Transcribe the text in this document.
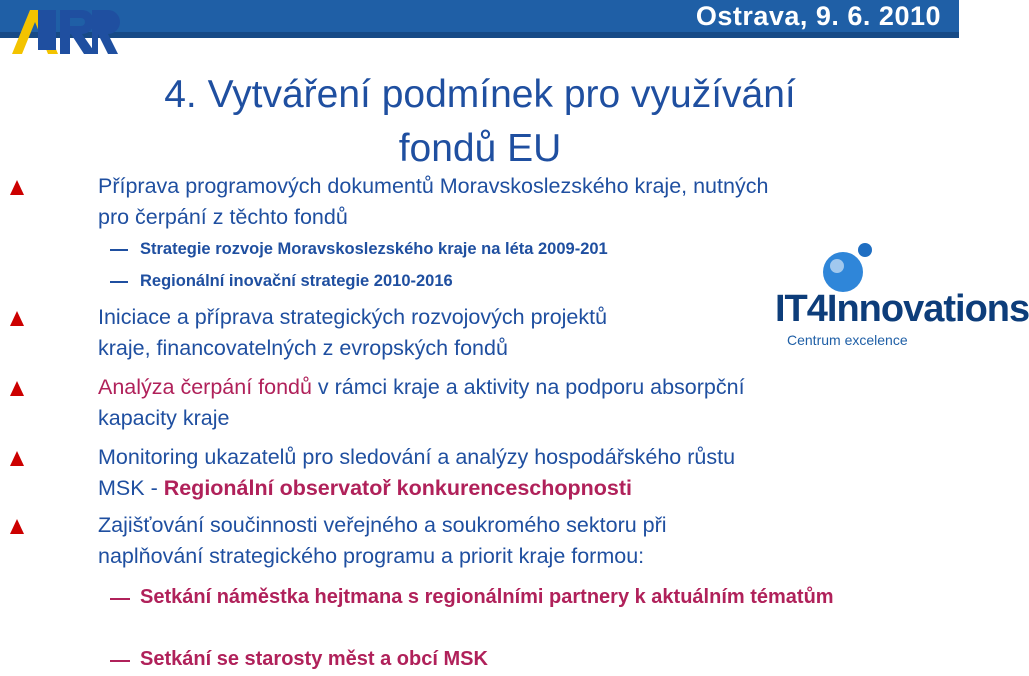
Ostrava, 9. 6. 2010
4. Vytváření podmínek pro využívání
fondů EU
Příprava programových dokumentů Moravskoslezského kraje, nutných
pro čerpání z těchto fondů
Strategie rozvoje Moravskoslezského kraje na léta 2009-201
Regionální inovační strategie 2010-2016
Iniciace a příprava strategických rozvojových projektů
kraje, financovatelných z evropských fondů
IT4Innovations
Centrum excelence
Analýza čerpání fondů v rámci kraje a aktivity na podporu absorpční
kapacity kraje
Monitoring ukazatelů pro sledování a analýzy hospodářského růstu
MSK - Regionální observatoř konkurenceschopnosti
Zajišťování součinnosti veřejného a soukromého sektoru při
naplňování strategického programu a priorit kraje formou:
Setkání náměstka hejtmana s regionálními partnery k aktuálním tématům
Setkání se starosty měst a obcí MSK
